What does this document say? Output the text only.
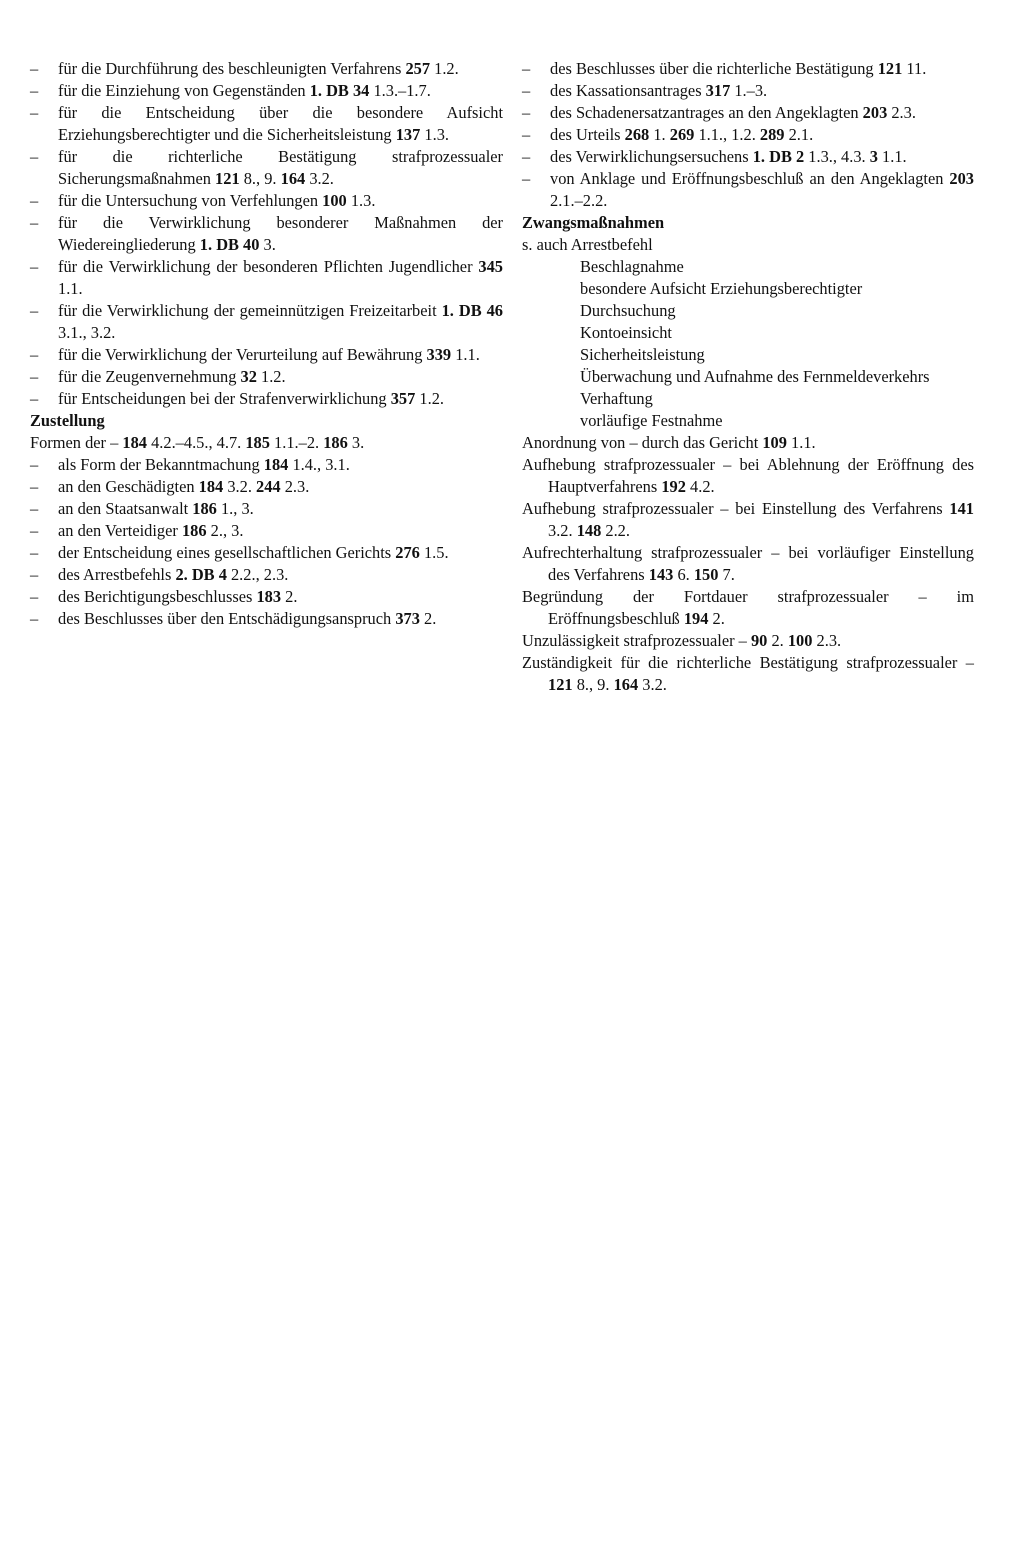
– für die Durchführung des beschleunigten Verfahrens 257 1.2.

– für die Einziehung von Gegenständen 1. DB 34 1.3.–1.7.

– für die Entscheidung über die besondere Aufsicht Erziehungsberechtigter und die Sicherheitsleistung 137 1.3.

– für die richterliche Bestätigung strafprozessualer Sicherungsmaßnahmen 121 8., 9. 164 3.2.

– für die Untersuchung von Verfehlungen 100 1.3.

– für die Verwirklichung besonderer Maßnahmen der Wiedereingliederung 1. DB 40 3.

– für die Verwirklichung der besonderen Pflichten Jugendlicher 345 1.1.

– für die Verwirklichung der gemeinnützigen Freizeitarbeit 1. DB 46 3.1., 3.2.

– für die Verwirklichung der Verurteilung auf Bewährung 339 1.1.

– für die Zeugenvernehmung 32 1.2.

– für Entscheidungen bei der Strafenverwirklichung 357 1.2.

Zustellung

Formen der – 184 4.2.–4.5., 4.7. 185 1.1.–2. 186 3.

– als Form der Bekanntmachung 184 1.4., 3.1.

– an den Geschädigten 184 3.2. 244 2.3.

– an den Staatsanwalt 186 1., 3.

– an den Verteidiger 186 2., 3.

– der Entscheidung eines gesellschaftlichen Gerichts 276 1.5.

– des Arrestbefehls 2. DB 4 2.2., 2.3.

– des Berichtigungsbeschlusses 183 2.

– des Beschlusses über den Entschädigungsanspruch 373 2.

– des Beschlusses über die richterliche Bestätigung 121 11.

– des Kassationsantrages 317 1.–3.

– des Schadenersatzantrages an den Angeklagten 203 2.3.

– des Urteils 268 1. 269 1.1., 1.2. 289 2.1.

– des Verwirklichungsersuchens 1. DB 2 1.3., 4.3. 3 1.1.

– von Anklage und Eröffnungsbeschluß an den Angeklagten 203 2.1.–2.2.

Zwangsmaßnahmen

s. auch Arrestbefehl

Beschlagnahme

besondere Aufsicht Erziehungsberechtigter

Durchsuchung

Kontoeinsicht

Sicherheitsleistung

Überwachung und Aufnahme des Fernmeldeverkehrs

Verhaftung

vorläufige Festnahme

Anordnung von – durch das Gericht 109 1.1.

Aufhebung strafprozessualer – bei Ablehnung der Eröffnung des Hauptverfahrens 192 4.2.

Aufhebung strafprozessualer – bei Einstellung des Verfahrens 141 3.2. 148 2.2.

Aufrechterhaltung strafprozessualer – bei vorläufiger Einstellung des Verfahrens 143 6. 150 7.

Begründung der Fortdauer strafprozessualer – im Eröffnungsbeschluß 194 2.

Unzulässigkeit strafprozessualer – 90 2. 100 2.3.

Zuständigkeit für die richterliche Bestätigung strafprozessualer – 121 8., 9. 164 3.2.
